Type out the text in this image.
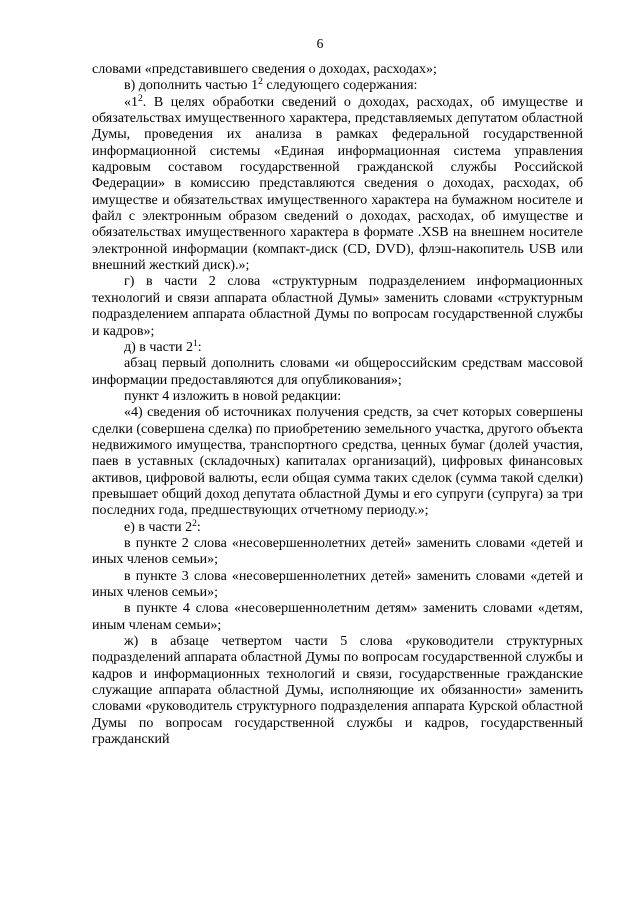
6

словами «представившего сведения о доходах, расходах»;

в) дополнить частью $1^2$ следующего содержания:

«$1^2$. В целях обработки сведений о доходах, расходах, об имуществе и обязательствах имущественного характера, представляемых депутатом областной Думы, проведения их анализа в рамках федеральной государственной информационной системы «Единая информационная система управления кадровым составом государственной гражданской службы Российской Федерации» в комиссию представляются сведения о доходах, расходах, об имуществе и обязательствах имущественного характера на бумажном носителе и файл с электронным образом сведений о доходах, расходах, об имуществе и обязательствах имущественного характера в формате .XSB на внешнем носителе электронной информации (компакт-диск (CD, DVD), флэш-накопитель USB или внешний жесткий диск).»;

г) в части 2 слова «структурным подразделением информационных технологий и связи аппарата областной Думы» заменить словами «структурным подразделением аппарата областной Думы по вопросам государственной службы и кадров»;

д) в части $2^1$:

абзац первый дополнить словами «и общероссийским средствам массовой информации предоставляются для опубликования»;

пункт 4 изложить в новой редакции:

«4) сведения об источниках получения средств, за счет которых совершены сделки (совершена сделка) по приобретению земельного участка, другого объекта недвижимого имущества, транспортного средства, ценных бумаг (долей участия, паев в уставных (складочных) капиталах организаций), цифровых финансовых активов, цифровой валюты, если общая сумма таких сделок (сумма такой сделки) превышает общий доход депутата областной Думы и его супруги (супруга) за три последних года, предшествующих отчетному периоду.»;

е) в части $2^2$:

в пункте 2 слова «несовершеннолетних детей» заменить словами «детей и иных членов семьи»;

в пункте 3 слова «несовершеннолетних детей» заменить словами «детей и иных членов семьи»;

в пункте 4 слова «несовершеннолетним детям» заменить словами «детям, иным членам семьи»;

ж) в абзаце четвертом части 5 слова «руководители структурных подразделений аппарата областной Думы по вопросам государственной службы и кадров и информационных технологий и связи, государственные гражданские служащие аппарата областной Думы, исполняющие их обязанности» заменить словами «руководитель структурного подразделения аппарата Курской областной Думы по вопросам государственной службы и кадров, государственный гражданский
